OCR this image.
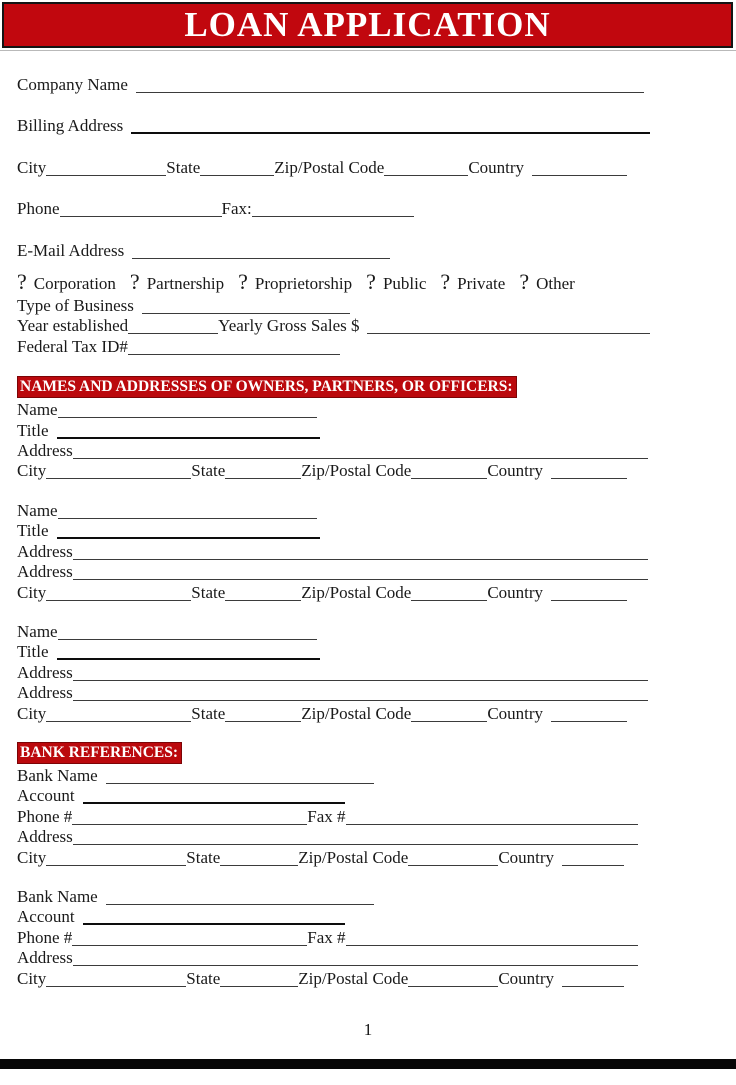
LOAN APPLICATION
Company Name
Billing Address
City	State	Zip/Postal Code	Country
Phone	Fax:
E-Mail Address
? Corporation ? Partnership ? Proprietorship ? Public ? Private ? Other
Type of Business
Year established	Yearly Gross Sales $
Federal Tax ID#
NAMES AND ADDRESSES OF OWNERS, PARTNERS, OR OFFICERS:
Name
Title
Address
City	State	Zip/Postal Code	Country
Name
Title
Address
Address
City	State	Zip/Postal Code	Country
Name
Title
Address
Address
City	State	Zip/Postal Code	Country
BANK REFERENCES:
Bank Name
Account
Phone #	Fax #
Address
City	State	Zip/Postal Code	Country
Bank Name
Account
Phone #	Fax #
Address
City	State	Zip/Postal Code	Country
1
